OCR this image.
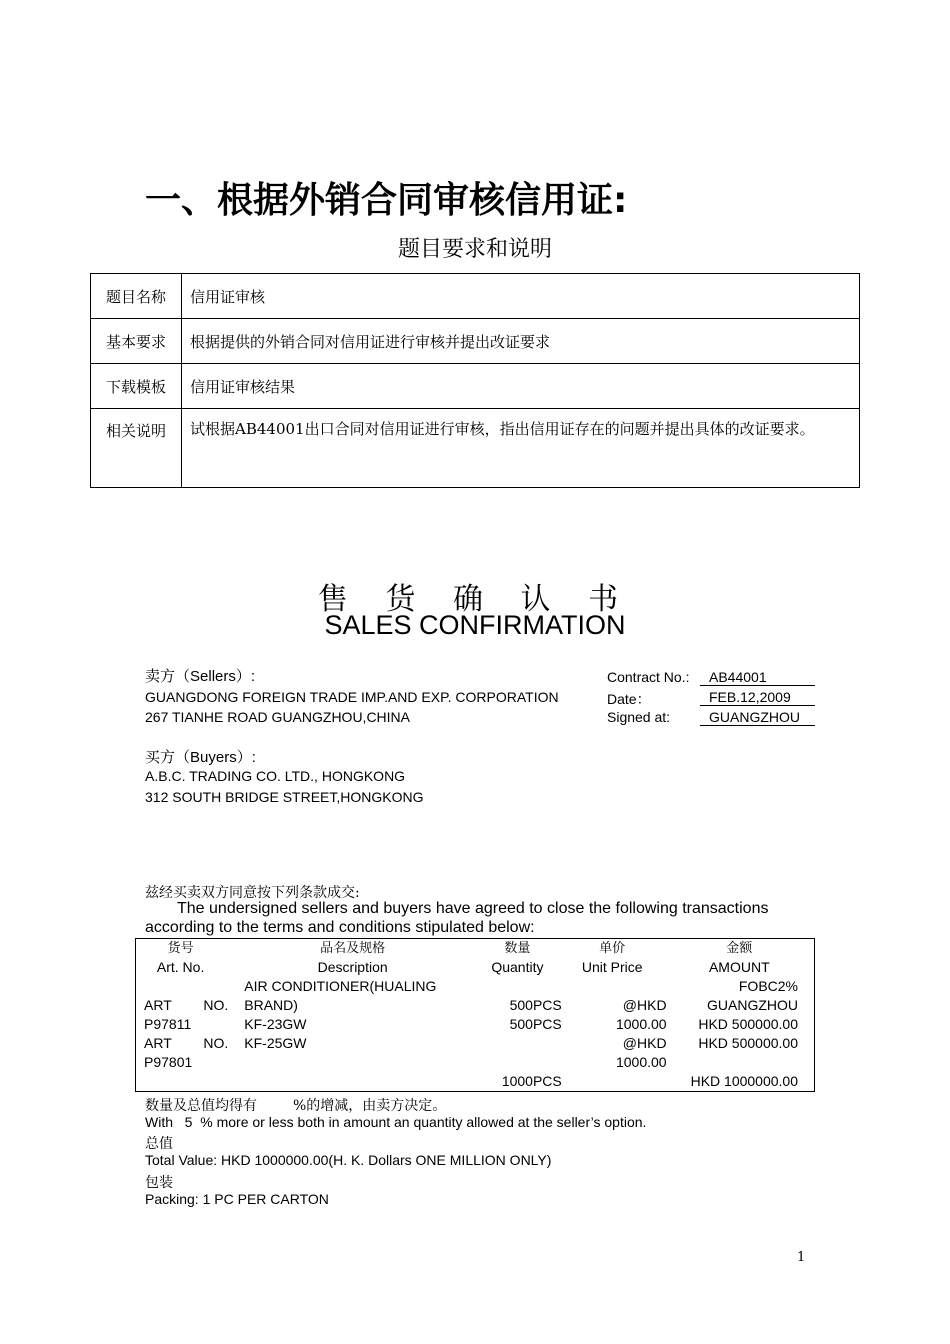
一、根据外销合同审核信用证:
题目要求和说明
题目名称	信用证审核
基本要求	根据提供的外销合同对信用证进行审核并提出改证要求
下载模板	信用证审核结果
相关说明	试根据AB44001出口合同对信用证进行审核，指出信用证存在的问题并提出具体的改证要求。
售 货 确 认 书
SALES CONFIRMATION
卖方（Sellers）:
GUANGDONG FOREIGN TRADE IMP.AND EXP. CORPORATION
267 TIANHE ROAD GUANGZHOU,CHINA
Contract No.: AB44001
Date：	FEB.12,2009
Signed at:	GUANGZHOU
买方（Buyers）:
A.B.C. TRADING CO. LTD., HONGKONG
312 SOUTH BRIDGE STREET,HONGKONG
兹经买卖双方同意按下列条款成交:
The undersigned sellers and buyers have agreed to close the following transactions
according to the terms and conditions stipulated below:
货号	品名及规格	数量	单价	金额
Art. No.	Description	Quantity	Unit Price	AMOUNT
	AIR CONDITIONER(HUALING			FOBC2%

ART NO.	BRAND)	500PCS	@HKD	GUANGZHOU
P97811	KF-23GW	500PCS	1000.00	HKD 500000.00

ART NO.	KF-25GW		@HKD	HKD 500000.00
P97801			1000.00	
		1000PCS		HKD 1000000.00
数量及总值均得有	%的增减，由卖方决定。
With 5 % more or less both in amount an quantity allowed at the seller’s option.
总值
Total Value: HKD 1000000.00(H. K. Dollars ONE MILLION ONLY)
包装
Packing: 1 PC PER CARTON
1
